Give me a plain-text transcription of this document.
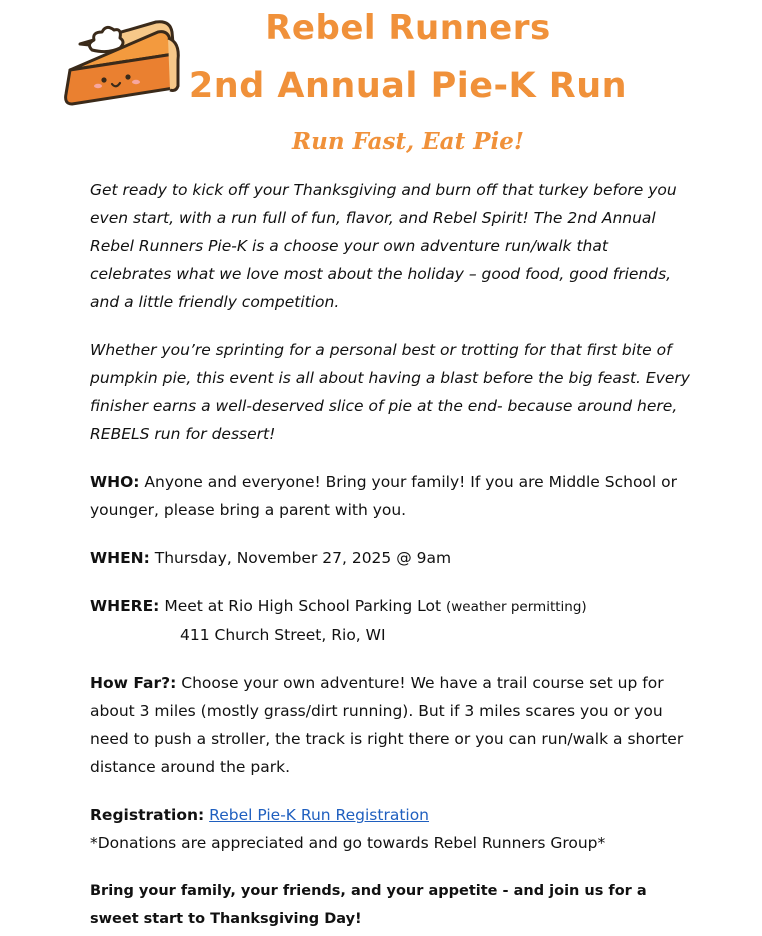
Rebel Runners
2nd Annual Pie-K Run
Run Fast, Eat Pie!

Get ready to kick off your Thanksgiving and burn off that turkey before you even start, with a run full of fun, flavor, and Rebel Spirit! The 2nd Annual Rebel Runners Pie-K is a choose your own adventure run/walk that celebrates what we love most about the holiday – good food, good friends, and a little friendly competition.

Whether you’re sprinting for a personal best or trotting for that first bite of pumpkin pie, this event is all about having a blast before the big feast. Every finisher earns a well-deserved slice of pie at the end- because around here, REBELS run for dessert!

WHO: Anyone and everyone! Bring your family! If you are Middle School or younger, please bring a parent with you.
WHEN: Thursday, November 27, 2025 @ 9am
WHERE: Meet at Rio High School Parking Lot (weather permitting)
411 Church Street, Rio, WI
How Far?: Choose your own adventure! We have a trail course set up for about 3 miles (mostly grass/dirt running). But if 3 miles scares you or you need to push a stroller, the track is right there or you can run/walk a shorter distance around the park.
Registration: Rebel Pie-K Run Registration
*Donations are appreciated and go towards Rebel Runners Group*

Bring your family, your friends, and your appetite - and join us for a sweet start to Thanksgiving Day!
